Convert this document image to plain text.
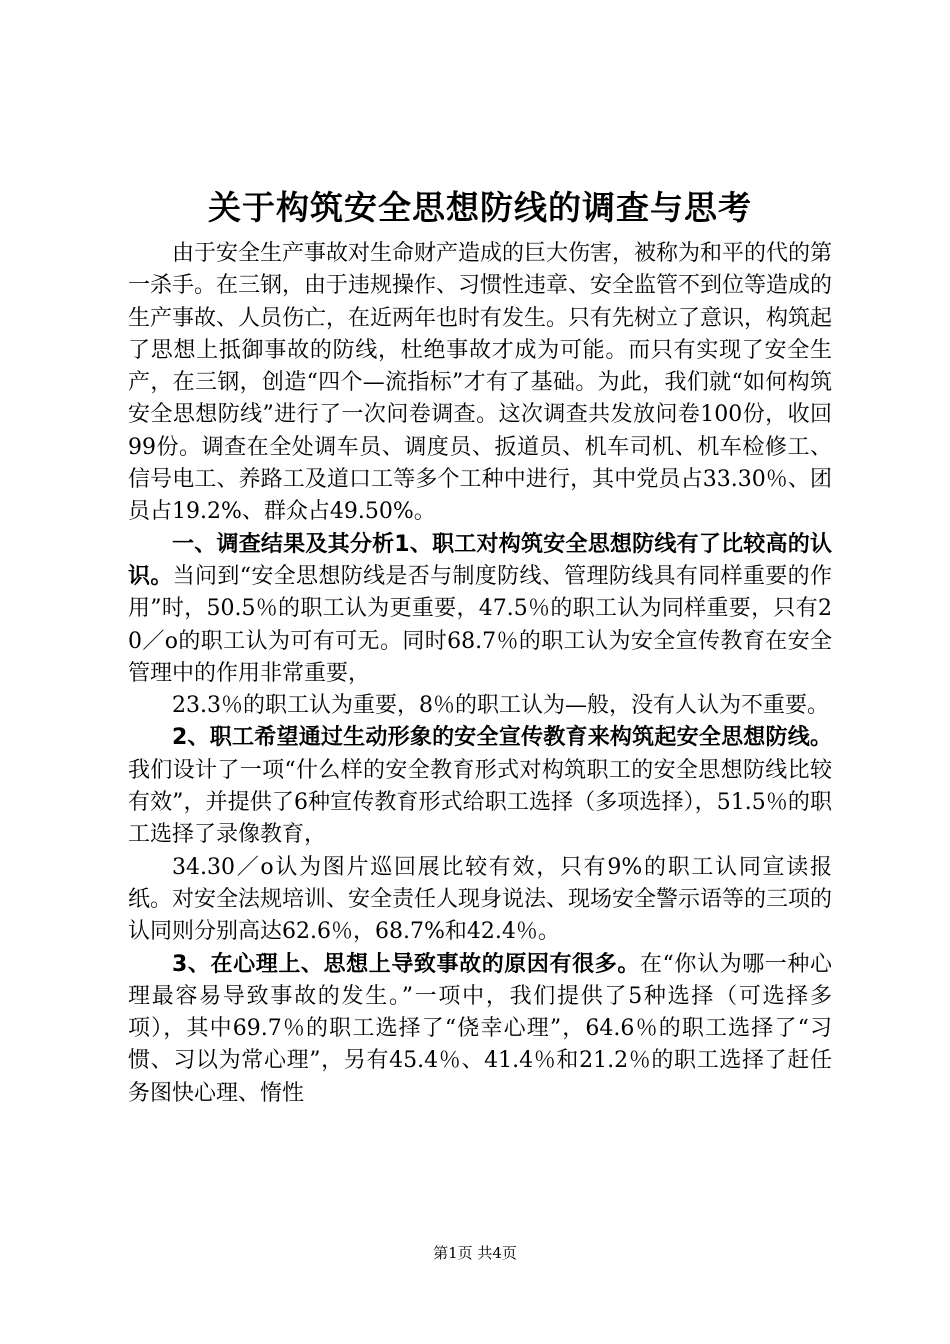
关于构筑安全思想防线的调查与思考

由于安全生产事故对生命财产造成的巨大伤害，被称为和平的代的第一杀手。在三钢，由于违规操作、习惯性违章、安全监管不到位等造成的生产事故、人员伤亡，在近两年也时有发生。只有先树立了意识，构筑起了思想上抵御事故的防线，杜绝事故才成为可能。而只有实现了安全生产，在三钢，创造“四个—流指标”才有了基础。为此，我们就“如何构筑安全思想防线”进行了一次问卷调查。这次调查共发放问卷100份，收回99份。调查在全处调车员、调度员、扳道员、机车司机、机车检修工、信号电工、养路工及道口工等多个工种中进行，其中党员占33.30％、团员占19.2%、群众占49.50%。

一、调查结果及其分析1、职工对构筑安全思想防线有了比较高的认识。当问到“安全思想防线是否与制度防线、管理防线具有同样重要的作用”时，50.5％的职工认为更重要，47.5％的职工认为同样重要，只有20／o的职工认为可有可无。同时68.7％的职工认为安全宣传教育在安全管理中的作用非常重要，

23.3％的职工认为重要，8％的职工认为—般，没有人认为不重要。

2、职工希望通过生动形象的安全宣传教育来构筑起安全思想防线。我们设计了一项“什么样的安全教育形式对构筑职工的安全思想防线比较有效”，并提供了6种宣传教育形式给职工选择（多项选择），51.5％的职工选择了录像教育，

34.30／o认为图片巡回展比较有效，只有9%的职工认同宣读报纸。对安全法规培训、安全责任人现身说法、现场安全警示语等的三项的认同则分别高达62.6％，68.7%和42.4％。

3、在心理上、思想上导致事故的原因有很多。在“你认为哪一种心理最容易导致事故的发生。”一项中，我们提供了5种选择（可选择多项），其中69.7％的职工选择了“侥幸心理”，64.6％的职工选择了“习惯、习以为常心理”，另有45.4％、41.4％和21.2％的职工选择了赶任务图快心理、惰性

第1页 共4页
